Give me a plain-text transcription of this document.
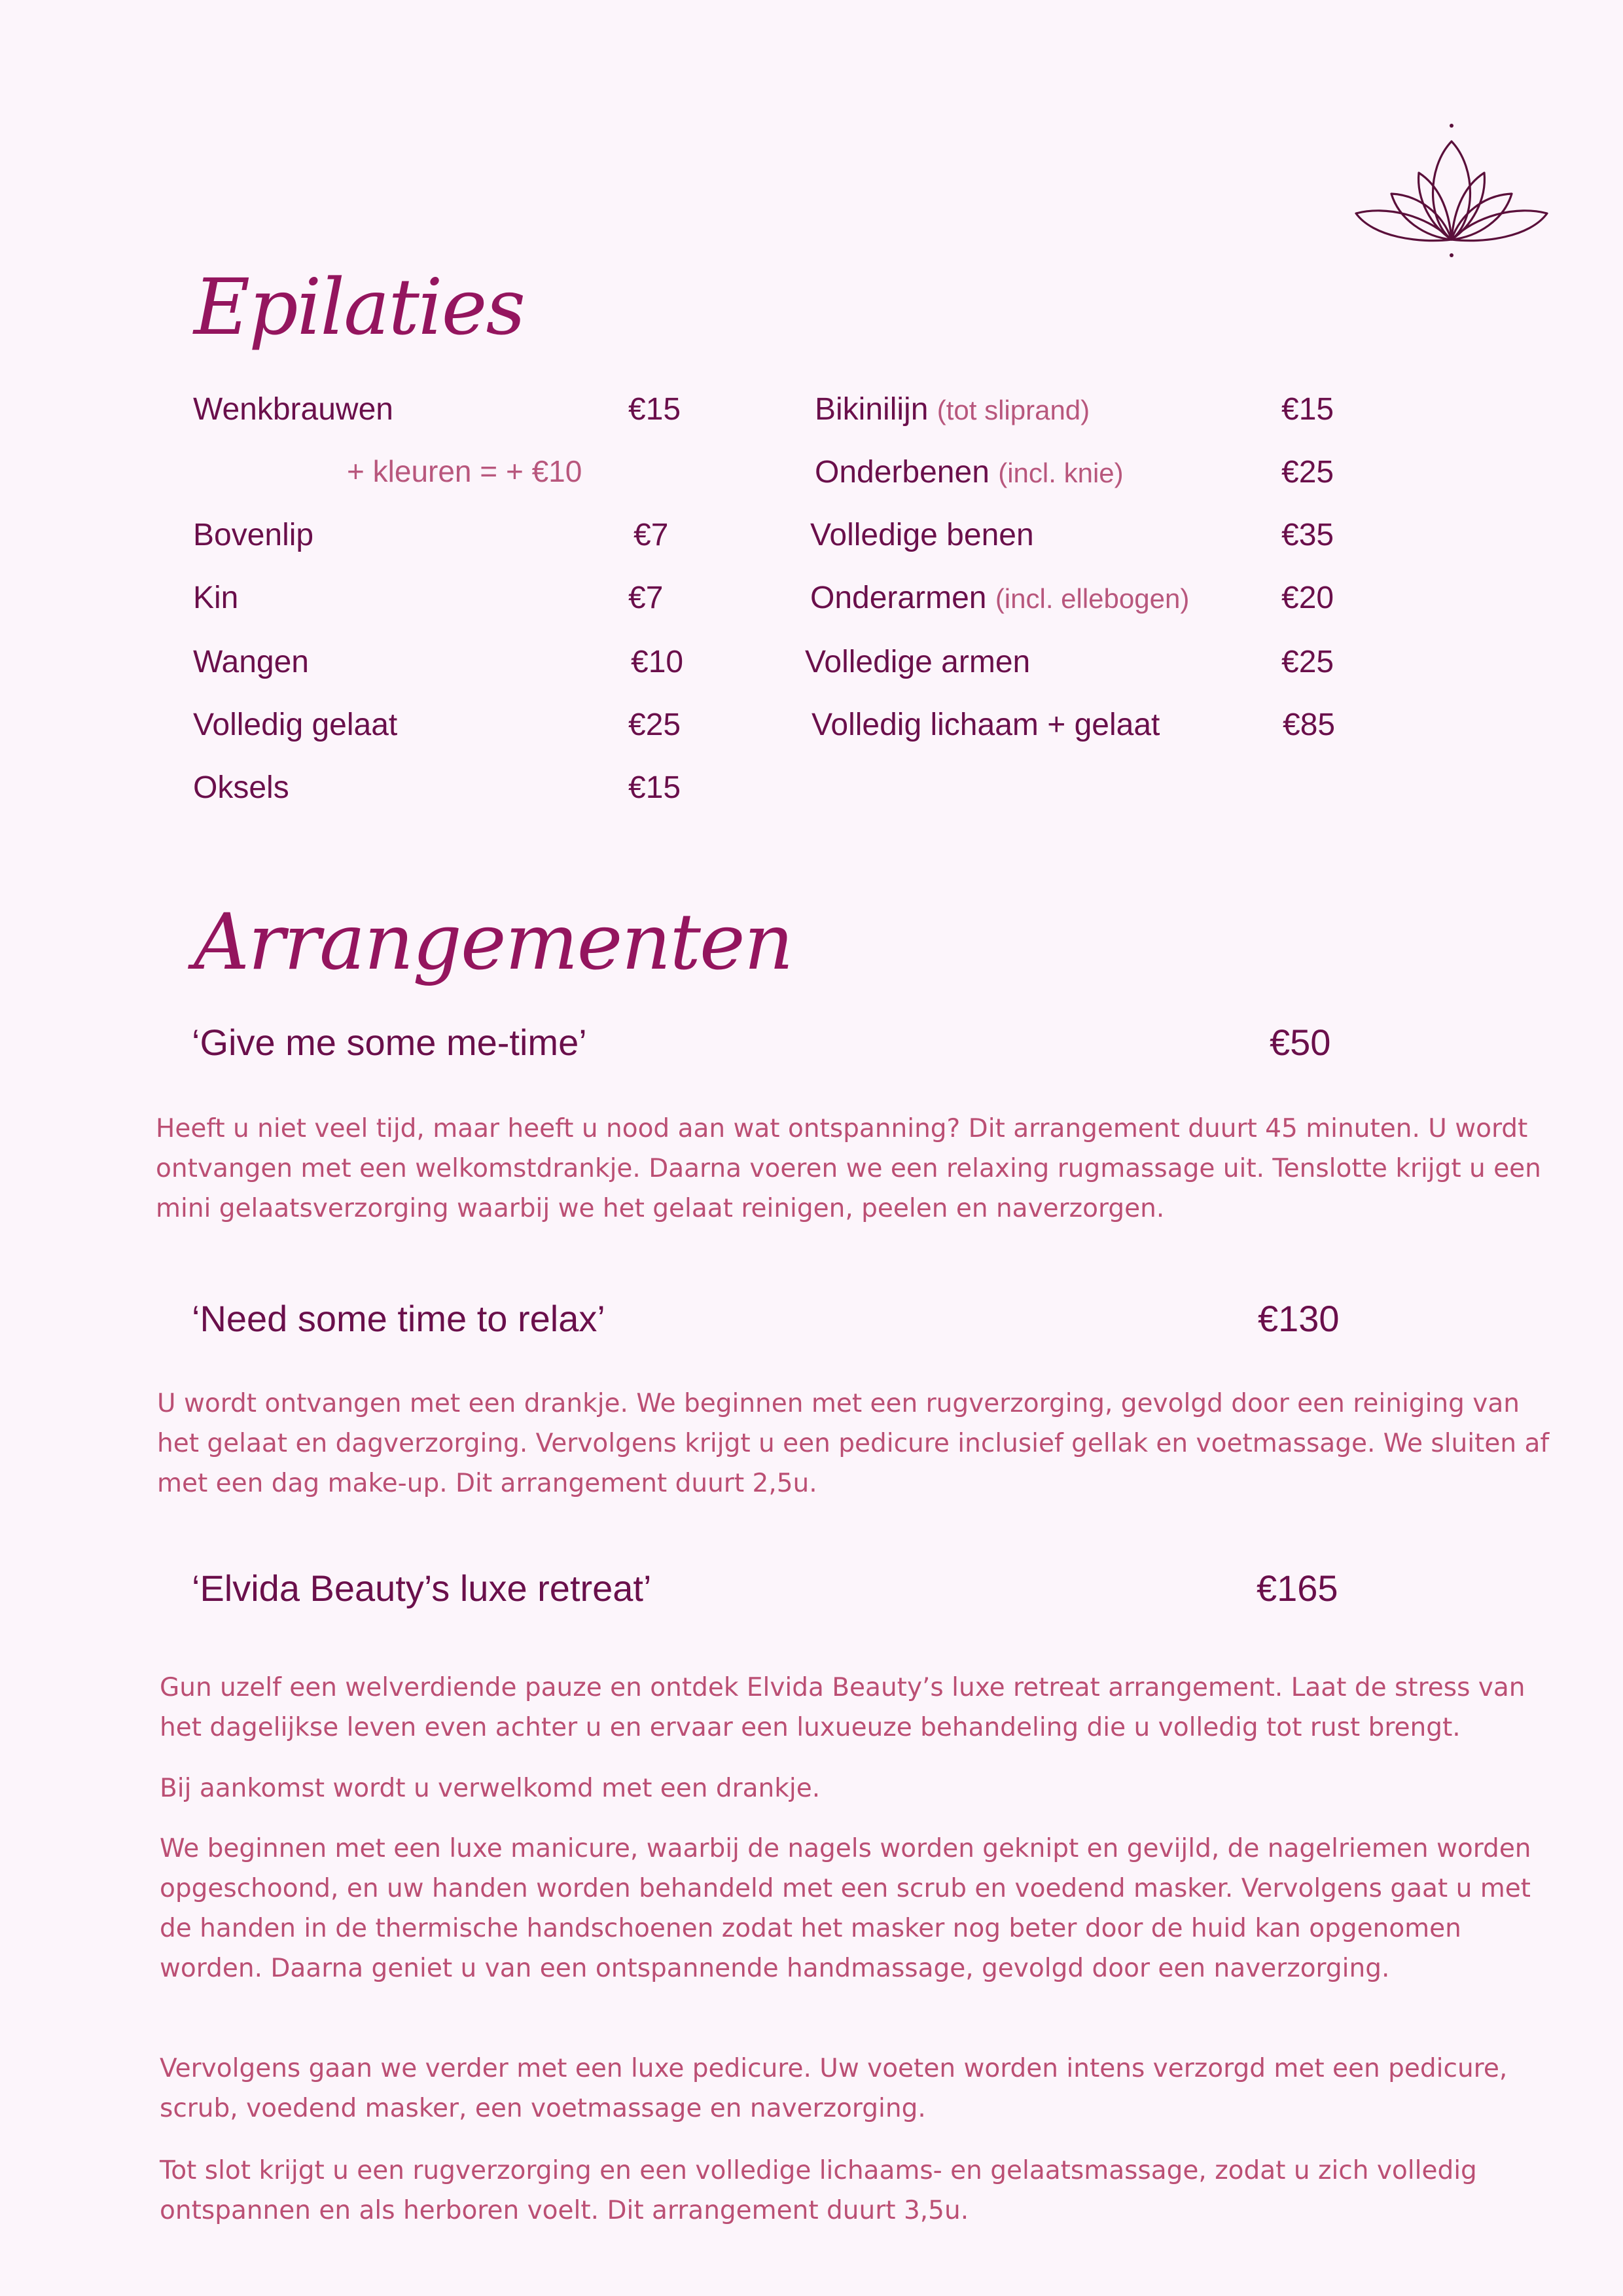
Epilaties
Wenkbrauwen	€15
+ kleuren = + €10
Bovenlip	€7
Kin	€7
Wangen	€10
Volledig gelaat	€25
Oksels	€15
Bikinilijn (tot sliprand)	€15
Onderbenen (incl. knie)	€25
Volledige benen	€35
Onderarmen (incl. ellebogen)	€20
Volledige armen	€25
Volledig lichaam + gelaat	€85
Arrangementen
‘Give me some me-time’	€50

Heeft u niet veel tijd, maar heeft u nood aan wat ontspanning? Dit arrangement duurt 45 minuten. U wordt ontvangen met een welkomstdrankje. Daarna voeren we een relaxing rugmassage uit. Tenslotte krijgt u een mini gelaatsverzorging waarbij we het gelaat reinigen, peelen en naverzorgen.

‘Need some time to relax’	€130

U wordt ontvangen met een drankje. We beginnen met een rugverzorging, gevolgd door een reiniging van het gelaat en dagverzorging. Vervolgens krijgt u een pedicure inclusief gellak en voetmassage. We sluiten af met een dag make-up. Dit arrangement duurt 2,5u.

‘Elvida Beauty’s luxe retreat’	€165

Gun uzelf een welverdiende pauze en ontdek Elvida Beauty’s luxe retreat arrangement. Laat de stress van het dagelijkse leven even achter u en ervaar een luxueuze behandeling die u volledig tot rust brengt.

Bij aankomst wordt u verwelkomd met een drankje.

We beginnen met een luxe manicure, waarbij de nagels worden geknipt en gevijld, de nagelriemen worden opgeschoond, en uw handen worden behandeld met een scrub en voedend masker. Vervolgens gaat u met de handen in de thermische handschoenen zodat het masker nog beter door de huid kan opgenomen worden. Daarna geniet u van een ontspannende handmassage, gevolgd door een naverzorging.

Vervolgens gaan we verder met een luxe pedicure. Uw voeten worden intens verzorgd met een pedicure, scrub, voedend masker, een voetmassage en naverzorging.

Tot slot krijgt u een rugverzorging en een volledige lichaams- en gelaatsmassage, zodat u zich volledig ontspannen en als herboren voelt. Dit arrangement duurt 3,5u.
